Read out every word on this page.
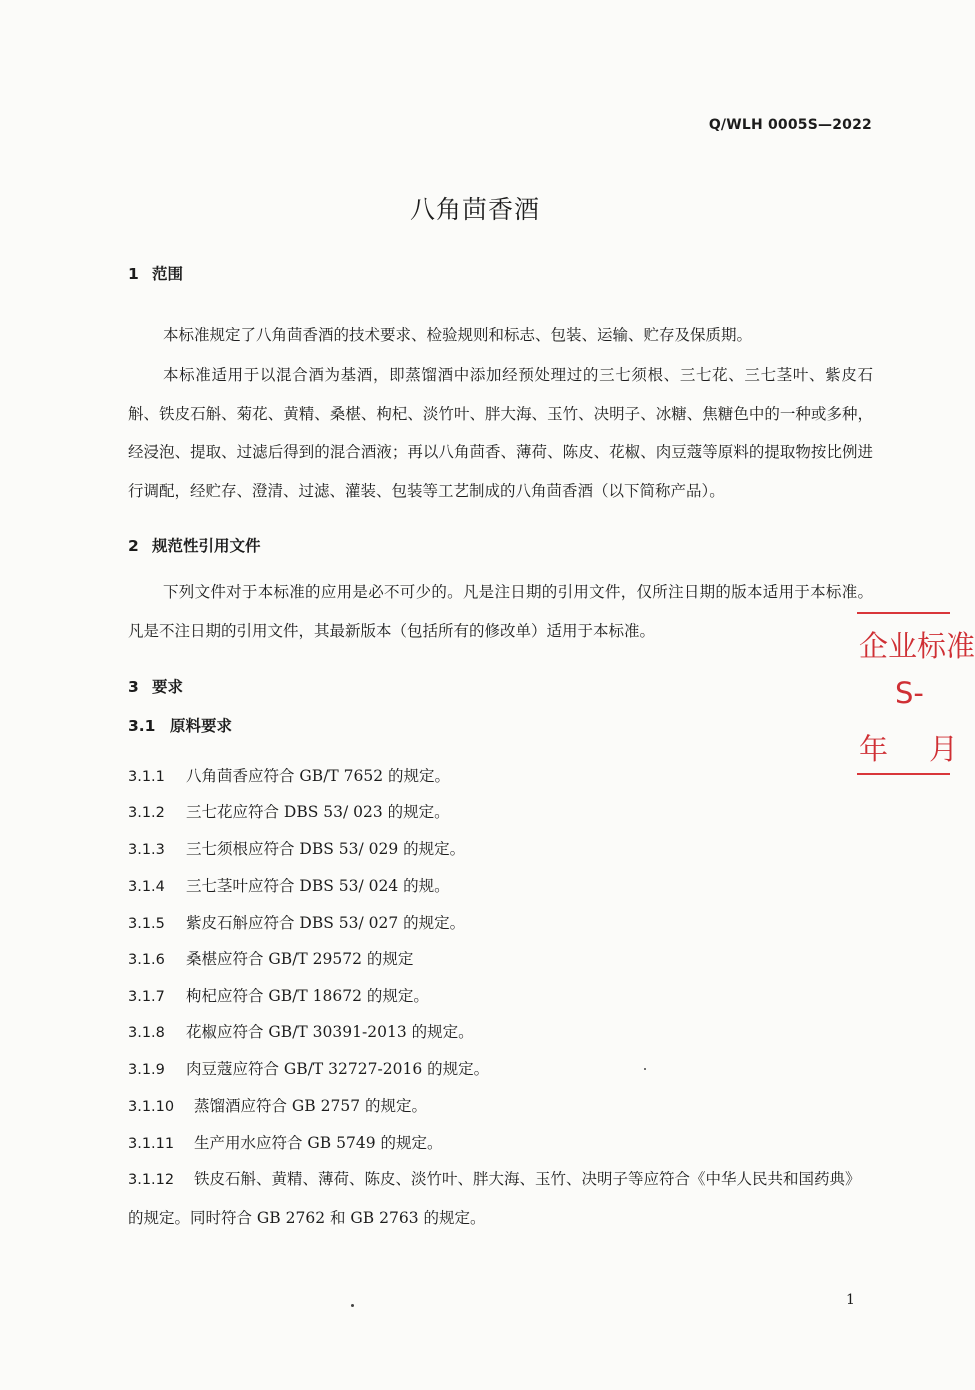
Q/WLH 0005S—2022
八角茴香酒
1 范围

本标准规定了八角茴香酒的技术要求、检验规则和标志、包装、运输、贮存及保质期。

本标准适用于以混合酒为基酒，即蒸馏酒中添加经预处理过的三七须根、三七花、三七茎叶、紫皮石斛、铁皮石斛、菊花、黄精、桑椹、枸杞、淡竹叶、胖大海、玉竹、决明子、冰糖、焦糖色中的一种或多种，经浸泡、提取、过滤后得到的混合酒液；再以八角茴香、薄荷、陈皮、花椒、肉豆蔻等原料的提取物按比例进行调配，经贮存、澄清、过滤、灌装、包装等工艺制成的八角茴香酒（以下简称产品）。

2 规范性引用文件

下列文件对于本标准的应用是必不可少的。凡是注日期的引用文件，仅所注日期的版本适用于本标准。凡是不注日期的引用文件，其最新版本（包括所有的修改单）适用于本标准。

3 要求
3.1 原料要求
3.1.1 八角茴香应符合 GB/T 7652 的规定。
3.1.2 三七花应符合 DBS 53/ 023 的规定。
3.1.3 三七须根应符合 DBS 53/ 029 的规定。
3.1.4 三七茎叶应符合 DBS 53/ 024 的规。
3.1.5 紫皮石斛应符合 DBS 53/ 027 的规定。
3.1.6 桑椹应符合 GB/T 29572 的规定
3.1.7 枸杞应符合 GB/T 18672 的规定。
3.1.8 花椒应符合 GB/T 30391-2013 的规定。
3.1.9 肉豆蔻应符合 GB/T 32727-2016 的规定。
3.1.10 蒸馏酒应符合 GB 2757 的规定。
3.1.11 生产用水应符合 GB 5749 的规定。
3.1.12 铁皮石斛、黄精、薄荷、陈皮、淡竹叶、胖大海、玉竹、决明子等应符合《中华人民共和国药典》的规定。同时符合 GB 2762 和 GB 2763 的规定。
1
企业标准
S-
年 月
